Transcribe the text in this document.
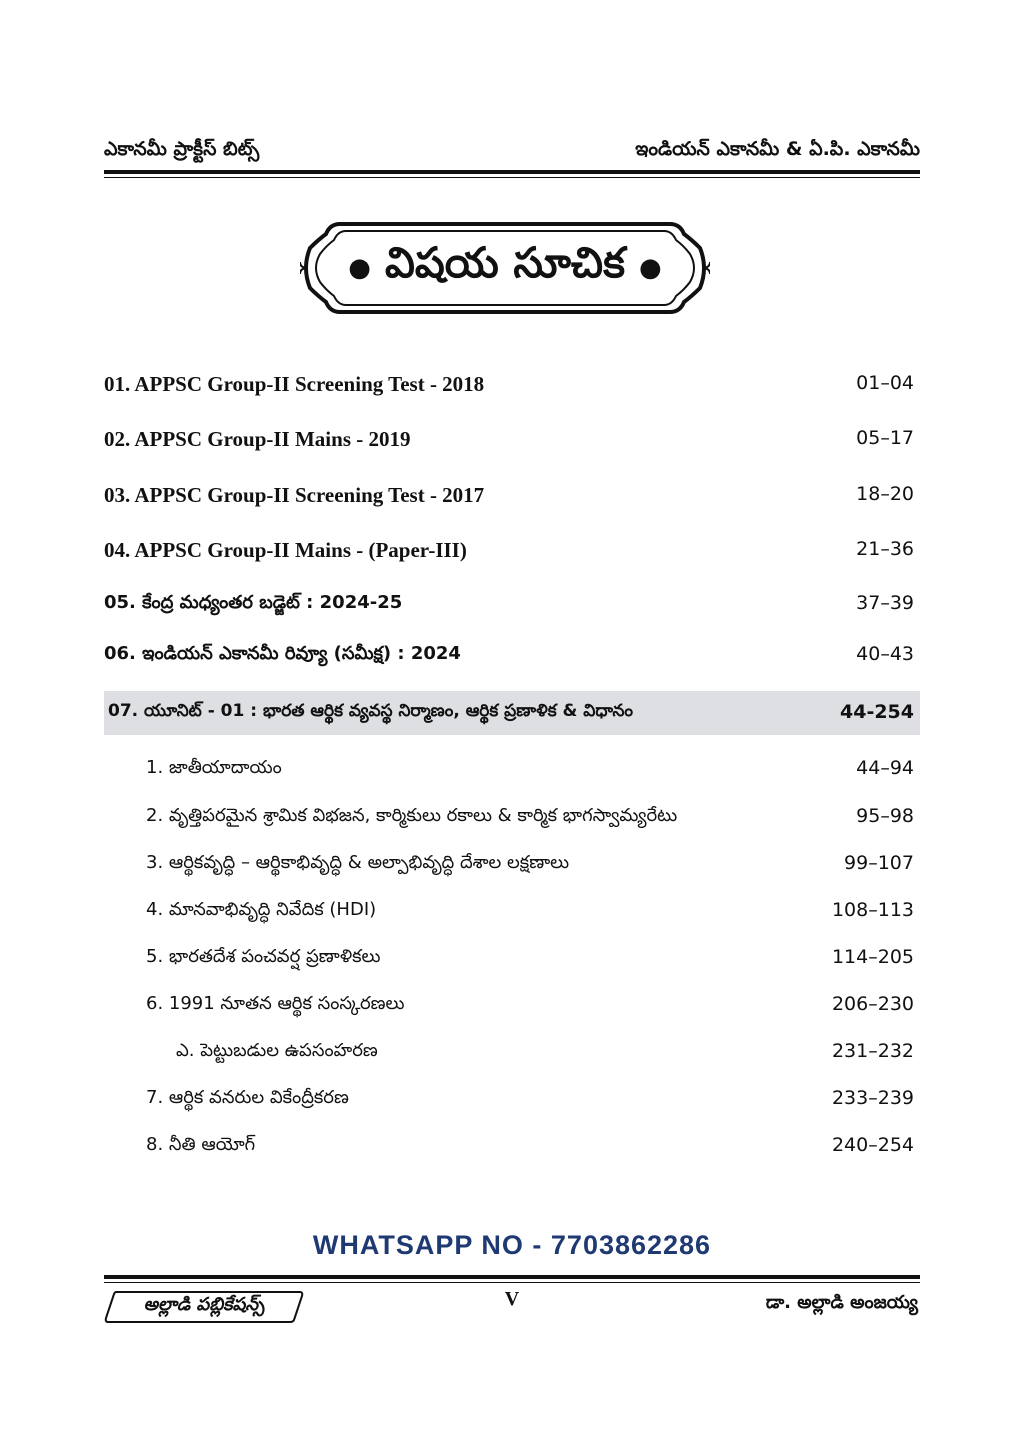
ఎకానమీ ప్రాక్టీస్ బిట్స్	ఇండియన్ ఎకానమీ & ఏ.పి. ఎకానమీ
● విషయ సూచిక ●
01. APPSC Group-II Screening Test - 2018	01–04
02. APPSC Group-II Mains - 2019	05–17
03. APPSC Group-II Screening Test - 2017	18–20
04. APPSC Group-II Mains - (Paper-III)	21–36
05. కేంద్ర మధ్యంతర బడ్జెట్ : 2024-25	37–39
06. ఇండియన్ ఎకానమీ రివ్యూ (సమీక్ష) : 2024	40–43
07. యూనిట్ - 01 : భారత ఆర్థిక వ్యవస్థ నిర్మాణం, ఆర్థిక ప్రణాళిక & విధానం	44-254
1. జాతీయాదాయం	44–94
2. వృత్తిపరమైన శ్రామిక విభజన, కార్మికులు రకాలు & కార్మిక భాగస్వామ్యరేటు	95–98
3. ఆర్థికవృద్ధి – ఆర్థికాభివృద్ధి & అల్పాభివృద్ధి దేశాల లక్షణాలు	99–107
4. మానవాభివృద్ధి నివేదిక (HDI)	108–113
5. భారతదేశ పంచవర్ష ప్రణాళికలు	114–205
6. 1991 నూతన ఆర్థిక సంస్కరణలు	206–230
ఎ. పెట్టుబడుల ఉపసంహరణ	231–232
7. ఆర్థిక వనరుల వికేంద్రీకరణ	233–239
8. నీతి ఆయోగ్	240–254
WHATSAPP NO - 7703862286
అల్లాడి పబ్లికేషన్స్	V	డా. అల్లాడి అంజయ్య
